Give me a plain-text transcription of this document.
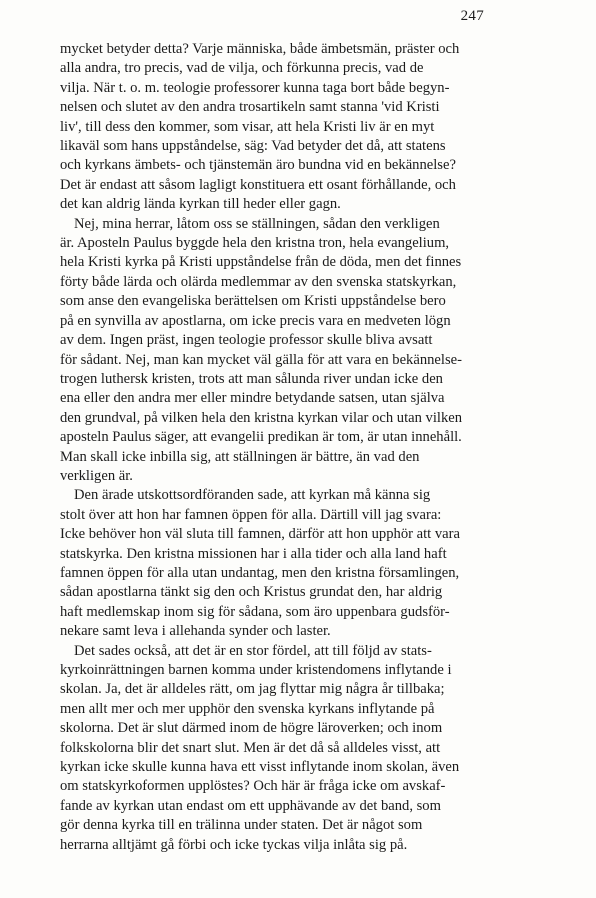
247
mycket betyder detta? Varje människa, både ämbetsmän, präster och
alla andra, tro precis, vad de vilja, och förkunna precis, vad de
vilja. När t. o. m. teologie professorer kunna taga bort både begyn-
nelsen och slutet av den andra trosartikeln samt stanna 'vid Kristi
liv', till dess den kommer, som visar, att hela Kristi liv är en myt
likaväl som hans uppståndelse, säg: Vad betyder det då, att statens
och kyrkans ämbets- och tjänstemän äro bundna vid en bekännelse?
Det är endast att såsom lagligt konstituera ett osant förhållande, och
det kan aldrig lända kyrkan till heder eller gagn.
Nej, mina herrar, låtom oss se ställningen, sådan den verkligen
är. Aposteln Paulus byggde hela den kristna tron, hela evangelium,
hela Kristi kyrka på Kristi uppståndelse från de döda, men det finnes
förty både lärda och olärda medlemmar av den svenska statskyrkan,
som anse den evangeliska berättelsen om Kristi uppståndelse bero
på en synvilla av apostlarna, om icke precis vara en medveten lögn
av dem. Ingen präst, ingen teologie professor skulle bliva avsatt
för sådant. Nej, man kan mycket väl gälla för att vara en bekännelse-
trogen luthersk kristen, trots att man sålunda river undan icke den
ena eller den andra mer eller mindre betydande satsen, utan själva
den grundval, på vilken hela den kristna kyrkan vilar och utan vilken
aposteln Paulus säger, att evangelii predikan är tom, är utan innehåll.
Man skall icke inbilla sig, att ställningen är bättre, än vad den
verkligen är.
Den ärade utskottsordföranden sade, att kyrkan må känna sig
stolt över att hon har famnen öppen för alla. Därtill vill jag svara:
Icke behöver hon väl sluta till famnen, därför att hon upphör att vara
statskyrka. Den kristna missionen har i alla tider och alla land haft
famnen öppen för alla utan undantag, men den kristna församlingen,
sådan apostlarna tänkt sig den och Kristus grundat den, har aldrig
haft medlemskap inom sig för sådana, som äro uppenbara gudsför-
nekare samt leva i allehanda synder och laster.
Det sades också, att det är en stor fördel, att till följd av stats-
kyrkoinrättningen barnen komma under kristendomens inflytande i
skolan. Ja, det är alldeles rätt, om jag flyttar mig några år tillbaka;
men allt mer och mer upphör den svenska kyrkans inflytande på
skolorna. Det är slut därmed inom de högre läroverken; och inom
folkskolorna blir det snart slut. Men är det då så alldeles visst, att
kyrkan icke skulle kunna hava ett visst inflytande inom skolan, även
om statskyrkoformen upplöstes? Och här är fråga icke om avskaf-
fande av kyrkan utan endast om ett upphävande av det band, som
gör denna kyrka till en trälinna under staten. Det är något som
herrarna alltjämt gå förbi och icke tyckas vilja inlåta sig på.
